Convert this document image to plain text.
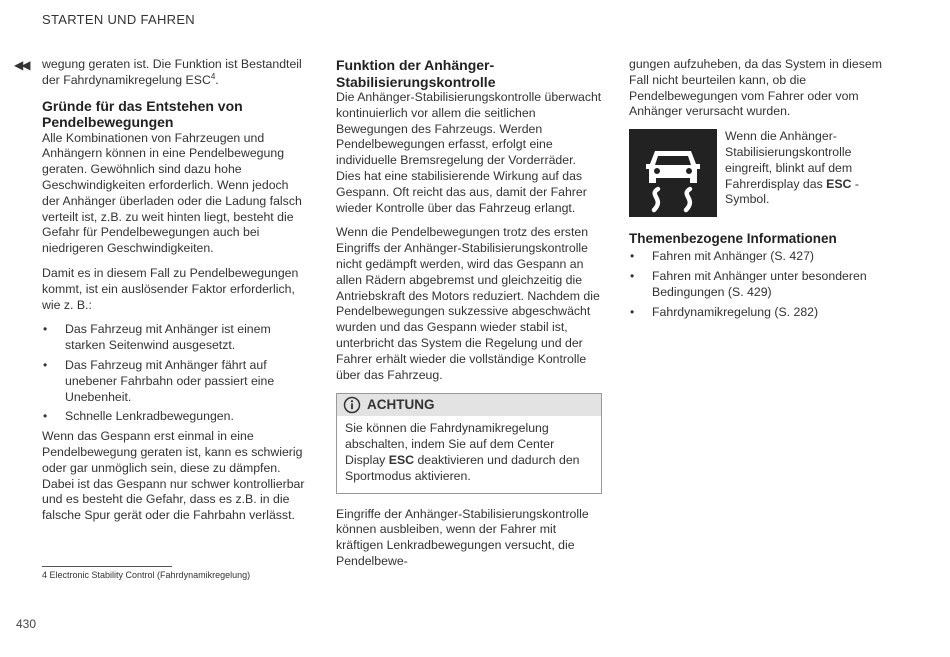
STARTEN UND FAHREN
◀◀ wegung geraten ist. Die Funktion ist Bestandteil der Fahrdynamikregelung ESC$^4$.

Gründe für das Entstehen von Pendelbewegungen

Alle Kombinationen von Fahrzeugen und Anhängern können in eine Pendelbewegung geraten. Gewöhnlich sind dazu hohe Geschwindigkeiten erforderlich. Wenn jedoch der Anhänger überladen oder die Ladung falsch verteilt ist, z.B. zu weit hinten liegt, besteht die Gefahr für Pendelbewegungen auch bei niedrigeren Geschwindigkeiten.

Damit es in diesem Fall zu Pendelbewegungen kommt, ist ein auslösender Faktor erforderlich, wie z. B.:

• Das Fahrzeug mit Anhänger ist einem starken Seitenwind ausgesetzt.
• Das Fahrzeug mit Anhänger fährt auf unebener Fahrbahn oder passiert eine Unebenheit.
• Schnelle Lenkradbewegungen.

Wenn das Gespann erst einmal in eine Pendelbewegung geraten ist, kann es schwierig oder gar unmöglich sein, diese zu dämpfen. Dabei ist das Gespann nur schwer kontrollierbar und es besteht die Gefahr, dass es z.B. in die falsche Spur gerät oder die Fahrbahn verlässt.

Funktion der Anhänger-Stabilisierungskontrolle

Die Anhänger-Stabilisierungskontrolle überwacht kontinuierlich vor allem die seitlichen Bewegungen des Fahrzeugs. Werden Pendelbewegungen erfasst, erfolgt eine individuelle Bremsregelung der Vorderräder. Dies hat eine stabilisierende Wirkung auf das Gespann. Oft reicht das aus, damit der Fahrer wieder Kontrolle über das Fahrzeug erlangt.

Wenn die Pendelbewegungen trotz des ersten Eingriffs der Anhänger-Stabilisierungskontrolle nicht gedämpft werden, wird das Gespann an allen Rädern abgebremst und gleichzeitig die Antriebskraft des Motors reduziert. Nachdem die Pendelbewegungen sukzessive abgeschwächt wurden und das Gespann wieder stabil ist, unterbricht das System die Regelung und der Fahrer erhält wieder die vollständige Kontrolle über das Fahrzeug.

ACHTUNG
Sie können die Fahrdynamikregelung abschalten, indem Sie auf dem Center Display ESC deaktivieren und dadurch den Sportmodus aktivieren.

Eingriffe der Anhänger-Stabilisierungskontrolle können ausbleiben, wenn der Fahrer mit kräftigen Lenkradbewegungen versucht, die Pendelbewe-

gungen aufzuheben, da das System in diesem Fall nicht beurteilen kann, ob die Pendelbewegungen vom Fahrer oder vom Anhänger verursacht wurden.

Wenn die Anhänger-Stabilisierungskontrolle eingreift, blinkt auf dem Fahrerdisplay das ESC -Symbol.
Themenbezogene Informationen
• Fahren mit Anhänger (S. 427)
• Fahren mit Anhänger unter besonderen Bedingungen (S. 429)
• Fahrdynamikregelung (S. 282)
4 Electronic Stability Control (Fahrdynamikregelung)
430
